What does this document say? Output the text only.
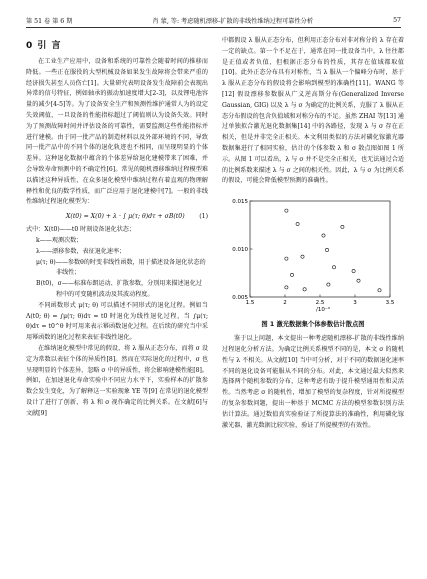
第 51 卷 第 6 期	肖 蒙, 等: 考虑随机漂移-扩散的非线性维纳过程可靠性分析	57
0 引 言

在工业生产应用中，设备和系统的可靠性会随着时间的推移而降低。一些正在服役的大型机械设备如果发生故障将会带来严重的经济损失甚至人员伤亡[1]。大量研究表明设备发生故障前会表现出异常的信号特征，例如轴承的振动加速度增大[2-3]，以及锂电池容量的减少[4-5]等。为了设备安全生产和预测性维护通常人为的设定失效阈值，一旦设备的性能指标超过了阈值则认为设备失效。同时为了预测故障时间并评估设备的可靠性，需要监测这些性能指标并进行建模。由于同一批产品的制造材料以及外部环境的不同，导致同一批产品中的不同个体的退化轨迹也不相同，而呈现明显的个体差异。这种退化数据中蕴含的个体差异给退化建模带来了困难，并会导致寿命预测中的不确定性[6]。常见的随机漂移维纳过程模型难以描述这种异质性，在众多退化模型中维纳过程有着直观的物理解释性和优良的数学性质，而广泛应用于退化建模中[7]。一般的非线性维纳过程退化模型为：

X(t0) = X(0) + λ · ∫ μ(τ; θ)dτ + σB(t0) (1)

式中：X(t0)——t0 时刻设备退化状态；

k——观测次数；
λ——漂移参数，表征退化速率；
μ(τ; θ)——参数θ的时变非线性函数，用于描述设备退化状态的非线性；
B(t0)，σ——标准布朗运动、扩散参数，分别用来描述退化过程中的可变随机波动及其波动程度。

不同函数形式 μ(τ; θ) 可以描述不同形式的退化过程。例如当 Λ(t0; θ) = ∫μ(τ; θ)dτ = t0 时退化为线性退化过程，当 ∫μ(τ; θ)dτ = t0^θ 时可用来表示幂函数退化过程。在后续的研究当中采用幂函数的退化过程来表征非线性退化。

在维纳退化模型中常见的假设，将 λ 服从正态分布，而将 σ 设定为常数以表征个体的异质性[8]。然而在实际退化的过程中，σ 也呈现明显的个体差异，忽略 σ 中的异质性，将会影响建模性能[8]。例如，在加速退化寿命实验中不同应力水平下，实验样本的扩散参数会发生变化，为了解释这一实验现象 YE 等[9] 在常见的退化模型设计了进行了创新，将 λ 和 σ 视作确定的比例关系。在文献[6]与文献[9]

中都假设 λ 服从正态分布，但利用正态分布对非对称分的 λ 存在着一定的缺点。第一个不足在于，通常在同一批设备当中，λ 往往都是正值或者负值，但根据正态分布的性质，其存在值域都取值[10]。此外正态分布具有对称性，当 λ 服从一个偏峰分布时，基于 λ 服从正态分布的假设将会影响到模型的准确性[11]。WANG 等[12] 假设漂移参数服从广义逆高斯分布(Generalized Inverse Gaussian, GIG) 以及 λ 与 σ 为确定的比例关系，克服了 λ 服从正态分布假设的包含负值域和对称分布的不足。虽然 ZHAI 等[13] 通过单独拟合激光退化数据集[14] 中的各路径，发现 λ 与 σ 存在正相关，但是并非完全正相关。本文利用类似的方法对磷化镓激光器数据集进行了相同实验，估计的个体参数 λ 和 σ 散点图如图 1 所示。从图 1 可以看出，λ 与 σ 并不是完全正相关，也无法通过合适的比例系数来描述 λ 与 σ 之间的相关性。因此，λ 与 σ 为比例关系的假设，可能会降低模型预测的准确性。

1.5	2	2.5	3	3.5
0.005
0.010
0.015
/10⁻³
图 1 激光数据集个体参数估计散点图

鉴于以上问题，本文提出一种考虑随机漂移-扩散的非线性维纳过程退化分析方法。为确定比例关系模型不同的是，本文 σ 的随机性与 λ 不相关。从文献[10] 当中可分析，对于不同的数据退化速率不同的退化设备可能服从不同的分布。对此，本文通过最大似然来选择两个随机参数的分布，这种考虑有助于提升模型通用性和灵活性。当然考虑 σ 的随机性，增加了模型的复杂程度，针对所提模型的复杂参数问题，提出一种基于 MCMC 方法的模型参数识别方法估计算法。通过数值真实验验证了所提算法的准确性，利用磷化镓激光器、激光数据比较实验，验证了所提模型的有效性。
